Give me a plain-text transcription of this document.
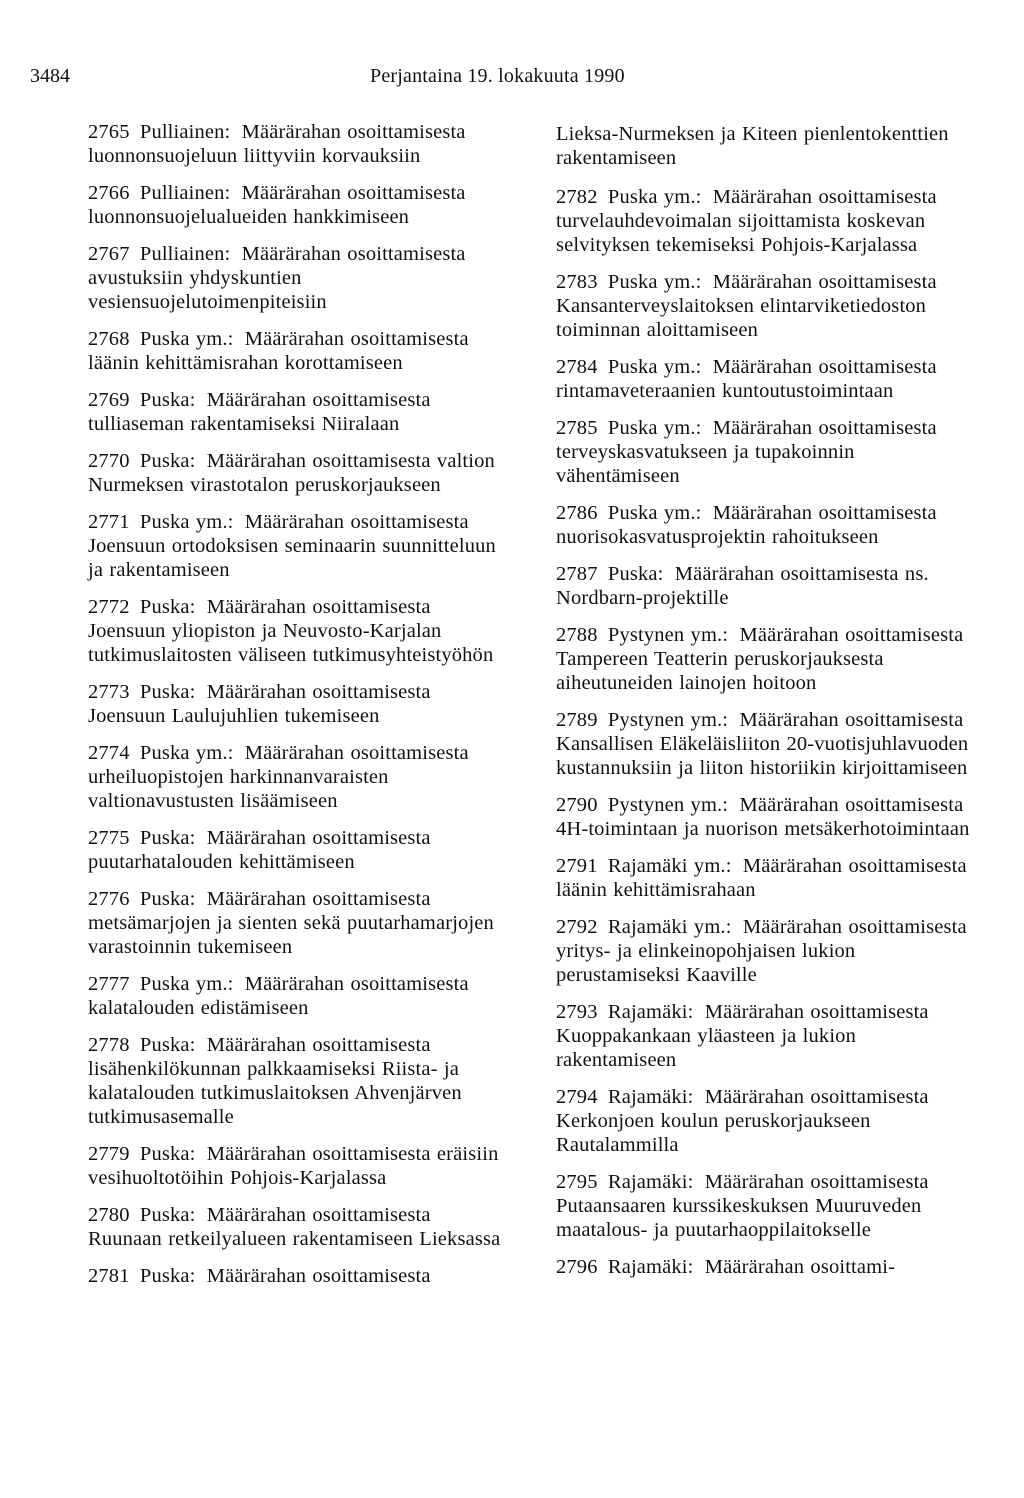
3484	Perjantaina 19. lokakuuta 1990

2765 Pulliainen: Määrärahan osoittamisesta luonnonsuojeluun liittyviin korvauksiin

2766 Pulliainen: Määrärahan osoittamisesta luonnonsuojelualueiden hankkimiseen

2767 Pulliainen: Määrärahan osoittamisesta avustuksiin yhdyskuntien vesiensuojelutoimenpiteisiin

2768 Puska ym.: Määrärahan osoittamisesta läänin kehittämisrahan korottamiseen

2769 Puska: Määrärahan osoittamisesta tulliaseman rakentamiseksi Niiralaan

2770 Puska: Määrärahan osoittamisesta valtion Nurmeksen virastotalon peruskorjaukseen

2771 Puska ym.: Määrärahan osoittamisesta Joensuun ortodoksisen seminaarin suunnitteluun ja rakentamiseen

2772 Puska: Määrärahan osoittamisesta Joensuun yliopiston ja Neuvosto-Karjalan tutkimuslaitosten väliseen tutkimusyhteistyöhön

2773 Puska: Määrärahan osoittamisesta Joensuun Laulujuhlien tukemiseen

2774 Puska ym.: Määrärahan osoittamisesta urheiluopistojen harkinnanvaraisten valtionavustusten lisäämiseen

2775 Puska: Määrärahan osoittamisesta puutarhatalouden kehittämiseen

2776 Puska: Määrärahan osoittamisesta metsämarjojen ja sienten sekä puutarhamarjojen varastoinnin tukemiseen

2777 Puska ym.: Määrärahan osoittamisesta kalatalouden edistämiseen

2778 Puska: Määrärahan osoittamisesta lisähenkilökunnan palkkaamiseksi Riista- ja kalatalouden tutkimuslaitoksen Ahvenjärven tutkimusasemalle

2779 Puska: Määrärahan osoittamisesta eräisiin vesihuoltotöihin Pohjois-Karjalassa

2780 Puska: Määrärahan osoittamisesta Ruunaan retkeilyalueen rakentamiseen Lieksassa

2781 Puska: Määrärahan osoittamisesta

Lieksa-Nurmeksen ja Kiteen pienlentokenttien rakentamiseen

2782 Puska ym.: Määrärahan osoittamisesta turvelauhdevoimalan sijoittamista koskevan selvityksen tekemiseksi Pohjois-Karjalassa

2783 Puska ym.: Määrärahan osoittamisesta Kansanterveyslaitoksen elintarviketiedoston toiminnan aloittamiseen

2784 Puska ym.: Määrärahan osoittamisesta rintamaveteraanien kuntoutustoimintaan

2785 Puska ym.: Määrärahan osoittamisesta terveyskasvatukseen ja tupakoinnin vähentämiseen

2786 Puska ym.: Määrärahan osoittamisesta nuorisokasvatusprojektin rahoitukseen

2787 Puska: Määrärahan osoittamisesta ns. Nordbarn-projektille

2788 Pystynen ym.: Määrärahan osoittamisesta Tampereen Teatterin peruskorjauksesta aiheutuneiden lainojen hoitoon

2789 Pystynen ym.: Määrärahan osoittamisesta Kansallisen Eläkeläisliiton 20-vuotisjuhlavuoden kustannuksiin ja liiton historiikin kirjoittamiseen

2790 Pystynen ym.: Määrärahan osoittamisesta 4H-toimintaan ja nuorison metsäkerhotoimintaan

2791 Rajamäki ym.: Määrärahan osoittamisesta läänin kehittämisrahaan

2792 Rajamäki ym.: Määrärahan osoittamisesta yritys- ja elinkeinopohjaisen lukion perustamiseksi Kaaville

2793 Rajamäki: Määrärahan osoittamisesta Kuoppakankaan yläasteen ja lukion rakentamiseen

2794 Rajamäki: Määrärahan osoittamisesta Kerkonjoen koulun peruskorjaukseen Rautalammilla

2795 Rajamäki: Määrärahan osoittamisesta Putaansaaren kurssikeskuksen Muuruveden maatalous- ja puutarhaoppilaitokselle

2796 Rajamäki: Määrärahan osoittami-
